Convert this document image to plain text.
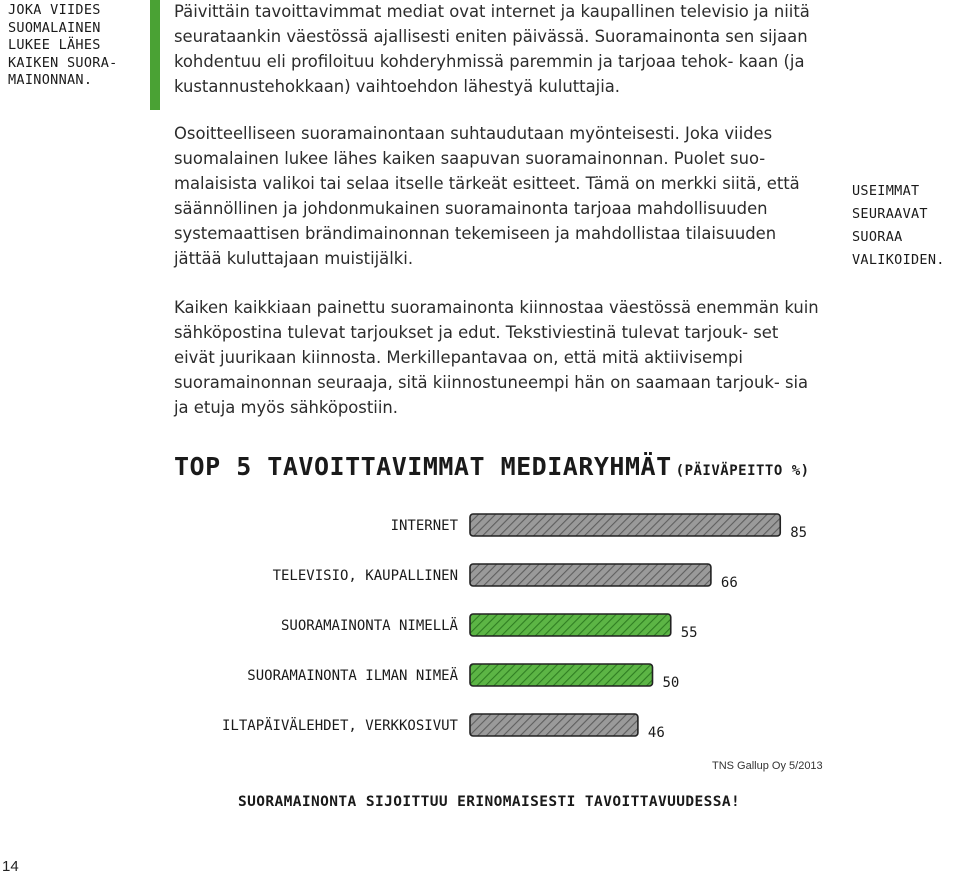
JOKA VIIDES SUOMALAINEN LUKEE LÄHES KAIKEN SUORA- MAINONNAN.
USEIMMAT SEURAAVAT SUORAA VALIKOIDEN.

Päivittäin tavoittavimmat mediat ovat internet ja kaupallinen televisio ja niitä seurataankin väestössä ajallisesti eniten päivässä. Suoramainonta sen sijaan kohdentuu eli profiloituu kohderyhmissä paremmin ja tarjoaa tehok- kaan (ja kustannustehokkaan) vaihtoehdon lähestyä kuluttajia.

Osoitteelliseen suoramainontaan suhtaudutaan myönteisesti. Joka viides suomalainen lukee lähes kaiken saapuvan suoramainonnan. Puolet suo- malaisista valikoi tai selaa itselle tärkeät esitteet. Tämä on merkki siitä, että säännöllinen ja johdonmukainen suoramainonta tarjoaa mahdollisuuden systemaattisen brändimainonnan tekemiseen ja mahdollistaa tilaisuuden jättää kuluttajaan muistijälki.

Kaiken kaikkiaan painettu suoramainonta kiinnostaa väestössä enemmän kuin sähköpostina tulevat tarjoukset ja edut. Tekstiviestinä tulevat tarjouk- set eivät juurikaan kiinnosta. Merkillepantavaa on, että mitä aktiivisempi suoramainonnan seuraaja, sitä kiinnostuneempi hän on saamaan tarjouk- sia ja etuja myös sähköpostiin.

TOP 5 TAVOITTAVIMMAT MEDIARYHMÄT (PÄIVÄPEITTO %)
INTERNET	85
TELEVISIO, KAUPALLINEN	66
SUORAMAINONTA NIMELLÄ	55
SUORAMAINONTA ILMAN NIMEÄ	50
ILTAPÄIVÄLEHDET, VERKKOSIVUT	46
TNS Gallup Oy 5/2013
SUORAMAINONTA SIJOITTUU ERINOMAISESTI TAVOITTAVUUDESSA!
14
